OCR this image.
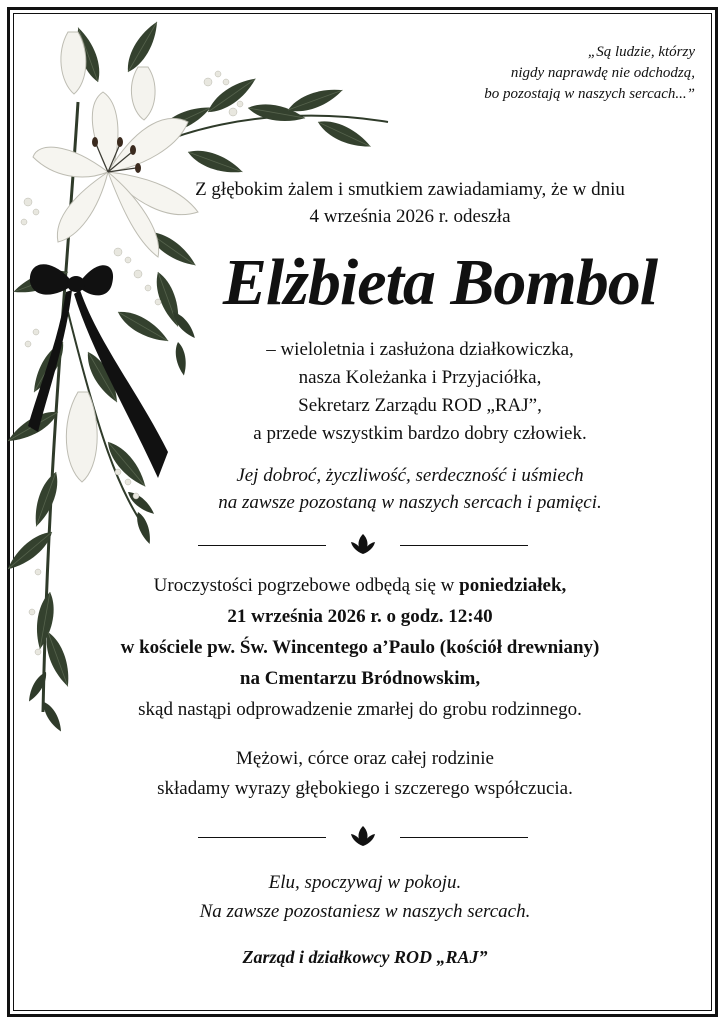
„Są ludzie, którzy
nigdy naprawdę nie odchodzą,
bo pozostają w naszych sercach...”
Z głębokim żalem i smutkiem zawiadamiamy, że w dniu
4 września 2026 r. odeszła
Elżbieta Bombol
– wieloletnia i zasłużona działkowiczka,
nasza Koleżanka i Przyjaciółka,
Sekretarz Zarządu ROD „RAJ”,
a przede wszystkim bardzo dobry człowiek.
Jej dobroć, życzliwość, serdeczność i uśmiech
na zawsze pozostaną w naszych sercach i pamięci.
Uroczystości pogrzebowe odbędą się w poniedziałek,
21 września 2026 r. o godz. 12:40
w kościele pw. Św. Wincentego a’Paulo (kościół drewniany)
na Cmentarzu Bródnowskim,
skąd nastąpi odprowadzenie zmarłej do grobu rodzinnego.
Mężowi, córce oraz całej rodzinie
składamy wyrazy głębokiego i szczerego współczucia.
Elu, spoczywaj w pokoju.
Na zawsze pozostaniesz w naszych sercach.
Zarząd i działkowcy ROD „RAJ”
